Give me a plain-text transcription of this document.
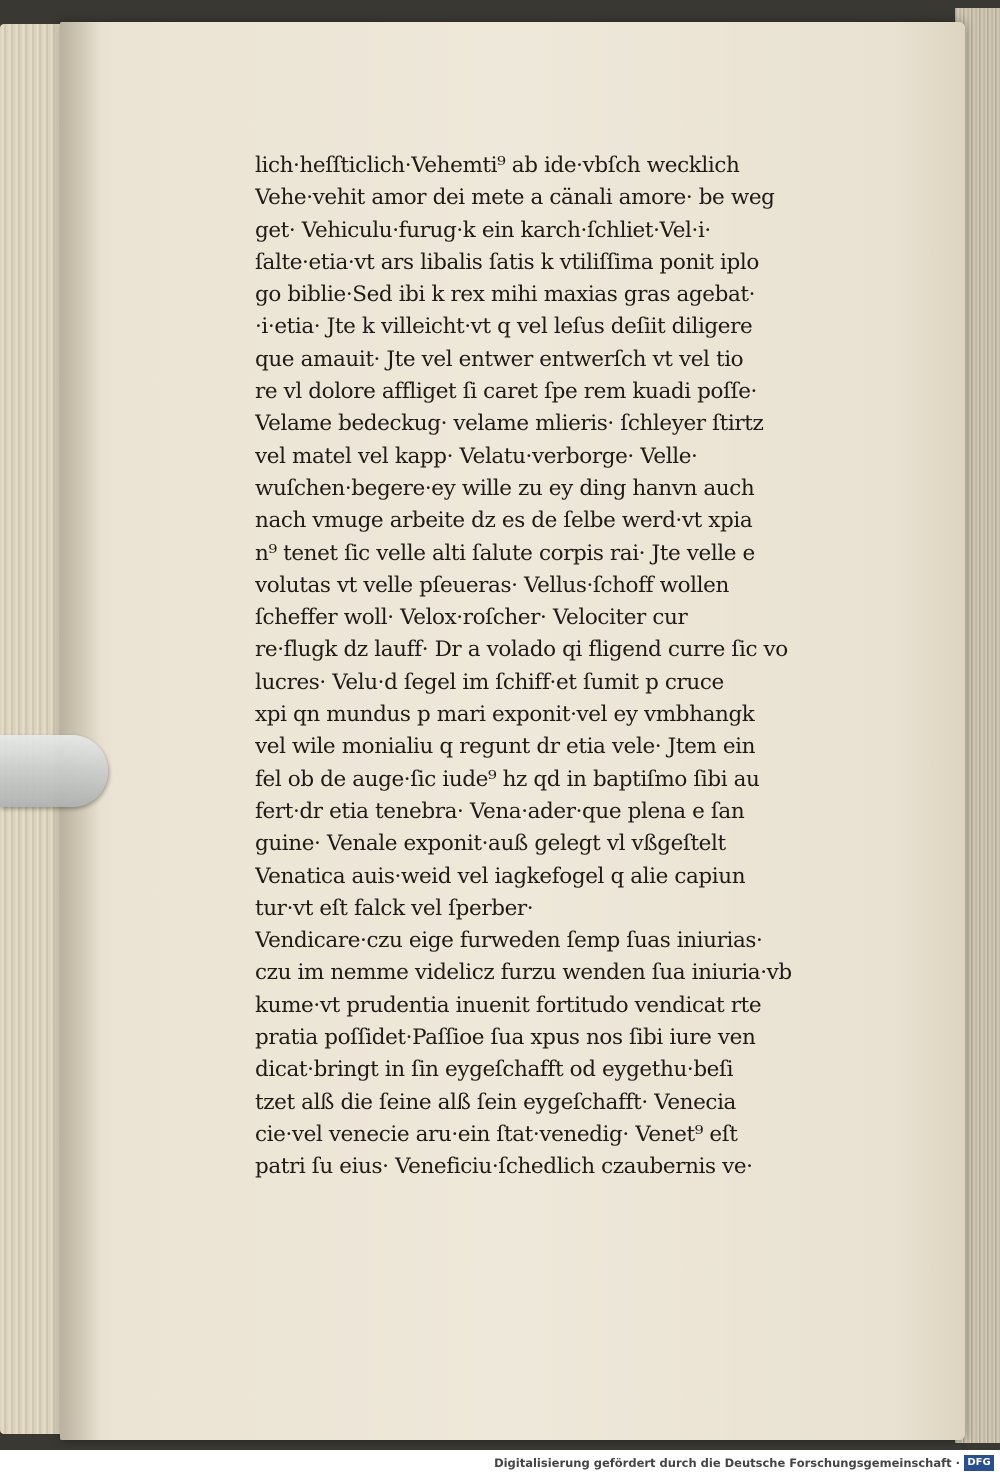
lich·heſſticlich·Vehemti⁹ ab ide·vbſch wecklich
Vehe·vehit amor dei mete a cänali amore· be weg
get· Vehiculu·furug·k ein karch·ſchliet·Vel·i·
ſalte·etia·vt ars libalis ſatis k vtiliſſima ponit iplo
go biblie·Sed ibi k rex mihi maxias gras agebat·
·i·etia· Jte k villeicht·vt q vel leſus deſiit diligere
que amauit· Jte vel entwer entwerſch vt vel tio
re vl dolore affliget ſi caret ſpe rem kuadi poſſe·
Velame bedeckug· velame mlieris· ſchleyer ſtirtz
vel matel vel kapp· Velatu·verborge· Velle·
wuſchen·begere·ey wille zu ey ding hanvn auch
nach vmuge arbeite dz es de ſelbe werd·vt xpia
n⁹ tenet ſic velle alti ſalute corpis rai· Jte velle e
volutas vt velle pſeueras· Vellus·ſchoff wollen
ſcheffer woll· Velox·roſcher· Velociter cur
re·flugk dz lauff· Dr a volado qi fligend curre ſic vo
lucres· Velu·d ſegel im ſchiff·et ſumit p cruce
xpi qn mundus p mari exponit·vel ey vmbhangk
vel wile monialiu q regunt dr etia vele· Jtem ein
fel ob de auge·ſic iude⁹ hz qd in baptiſmo ſibi au
fert·dr etia tenebra· Vena·ader·que plena e ſan
guine· Venale exponit·auß gelegt vl vßgeſtelt
Venatica auis·weid vel iagkefogel q alie capiun
tur·vt eſt falck vel ſperber·
Vendicare·czu eige furweden ſemp ſuas iniurias·
czu im nemme videlicz furzu wenden ſua iniuria·vb
kume·vt prudentia inuenit fortitudo vendicat rte
pratia poſſidet·Paſſioe ſua xpus nos ſibi iure ven
dicat·bringt in ſin eygeſchafft od eygethu·beſi
tzet alß die ſeine alß ſein eygeſchafft· Venecia
cie·vel venecie aru·ein ſtat·venedig· Venet⁹ eſt
patri ſu eius· Veneficiu·ſchedlich czaubernis ve·
Digitalisierung gefördert durch die Deutsche Forschungsgemeinschaft · DFG
